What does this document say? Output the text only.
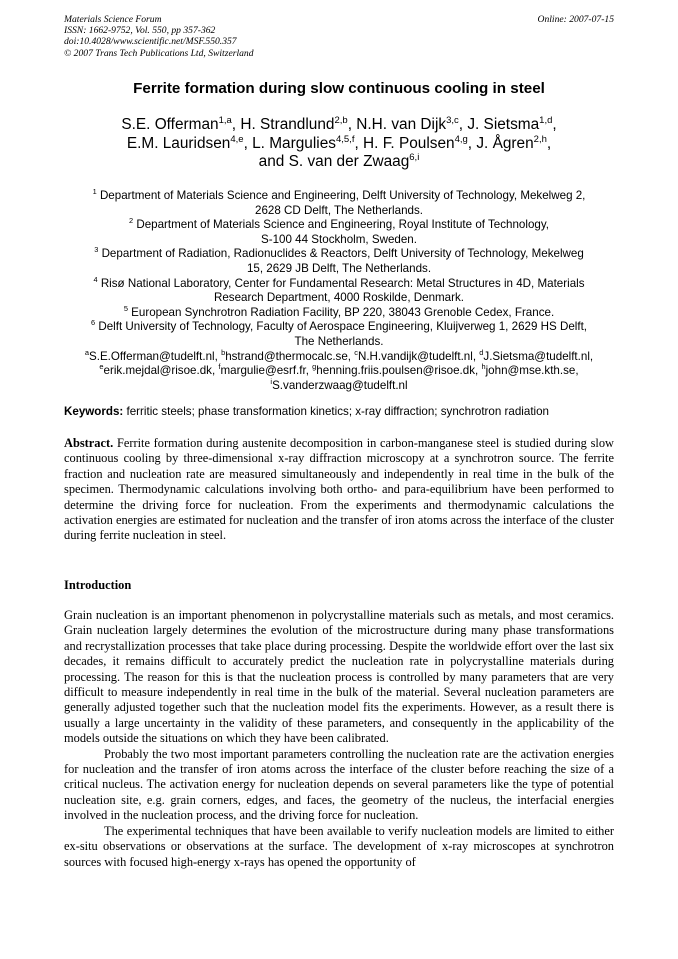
Materials Science Forum
ISSN: 1662-9752, Vol. 550, pp 357-362
doi:10.4028/www.scientific.net/MSF.550.357
© 2007 Trans Tech Publications Ltd, Switzerland
Online: 2007-07-15
Ferrite formation during slow continuous cooling in steel
S.E. Offerman$^{1,a}$, H. Strandlund$^{2,b}$, N.H. van Dijk$^{3,c}$, J. Sietsma$^{1,d}$,
E.M. Lauridsen$^{4,e}$, L. Margulies$^{4,5,f}$, H. F. Poulsen$^{4,g}$, J. Ågren$^{2,h}$,
and S. van der Zwaag$^{6,i}$
$^1$ Department of Materials Science and Engineering, Delft University of Technology, Mekelweg 2,
2628 CD Delft, The Netherlands.
$^2$ Department of Materials Science and Engineering, Royal Institute of Technology,
S-100 44 Stockholm, Sweden.
$^3$ Department of Radiation, Radionuclides & Reactors, Delft University of Technology, Mekelweg
15, 2629 JB Delft, The Netherlands.
$^4$ Risø National Laboratory, Center for Fundamental Research: Metal Structures in 4D, Materials
Research Department, 4000 Roskilde, Denmark.
$^5$ European Synchrotron Radiation Facility, BP 220, 38043 Grenoble Cedex, France.
$^6$ Delft University of Technology, Faculty of Aerospace Engineering, Kluijverweg 1, 2629 HS Delft,
The Netherlands.
$^a$S.E.Offerman@tudelft.nl, $^b$hstrand@thermocalc.se, $^c$N.H.vandijk@tudelft.nl, $^d$J.Sietsma@tudelft.nl,
$^e$erik.mejdal@risoe.dk, $^f$margulie@esrf.fr, $^g$henning.friis.poulsen@risoe.dk, $^h$john@mse.kth.se,
$^i$S.vanderzwaag@tudelft.nl
Keywords: ferritic steels; phase transformation kinetics; x-ray diffraction; synchrotron radiation
Abstract. Ferrite formation during austenite decomposition in carbon-manganese steel is studied during slow continuous cooling by three-dimensional x-ray diffraction microscopy at a synchrotron source. The ferrite fraction and nucleation rate are measured simultaneously and independently in real time in the bulk of the specimen. Thermodynamic calculations involving both ortho- and para-equilibrium have been performed to determine the driving force for nucleation. From the experiments and thermodynamic calculations the activation energies are estimated for nucleation and the transfer of iron atoms across the interface of the cluster during ferrite nucleation in steel.
Introduction

Grain nucleation is an important phenomenon in polycrystalline materials such as metals, and most ceramics. Grain nucleation largely determines the evolution of the microstructure during many phase transformations and recrystallization processes that take place during processing. Despite the worldwide effort over the last six decades, it remains difficult to accurately predict the nucleation rate in polycrystalline materials during processing. The reason for this is that the nucleation process is controlled by many parameters that are very difficult to measure independently in real time in the bulk of the material. Several nucleation parameters are generally adjusted together such that the nucleation model fits the experiments. However, as a result there is usually a large uncertainty in the validity of these parameters, and consequently in the applicability of the models outside the situations on which they have been calibrated.

Probably the two most important parameters controlling the nucleation rate are the activation energies for nucleation and the transfer of iron atoms across the interface of the cluster before reaching the size of a critical nucleus. The activation energy for nucleation depends on several parameters like the type of potential nucleation site, e.g. grain corners, edges, and faces, the geometry of the nucleus, the interfacial energies involved in the nucleation process, and the driving force for nucleation.

The experimental techniques that have been available to verify nucleation models are limited to either ex-situ observations or observations at the surface. The development of x-ray microscopes at synchrotron sources with focused high-energy x-rays has opened the opportunity of
